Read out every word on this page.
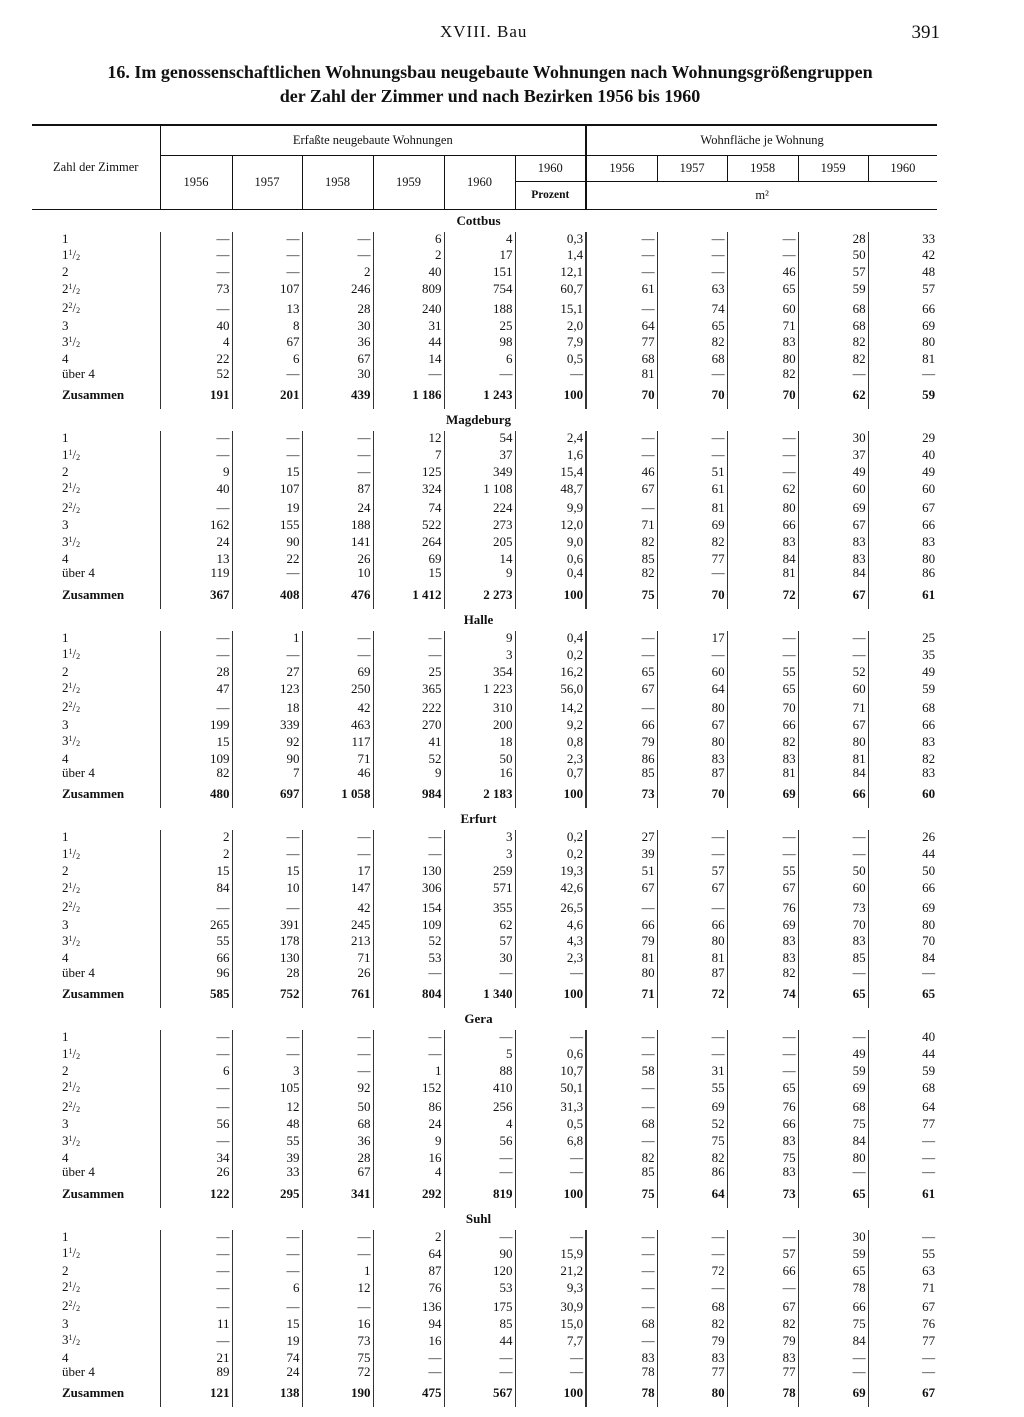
XVIII. Bau	391
16. Im genossenschaftlichen Wohnungsbau neugebaute Wohnungen nach Wohnungsgrößengruppen
der Zahl der Zimmer und nach Bezirken 1956 bis 1960
Zahl der Zimmer	Erfaßte neugebaute Wohnungen						Wohnfläche je Wohnung				
	1956	1957	1958	1959	1960	1960	1956	1957	1958	1959	1960
						Prozent	m²				
					Cottbus						
1	—	—	—	6	4	0,3	—	—	—	28	33
$1^1/_2$	—	—	—	2	17	1,4	—	—	—	50	42
2	—	—	2	40	151	12,1	—	—	46	57	48
$2^1/_2$	73	107	246	809	754	60,7	61	63	65	59	57
$2^2/_2$	—	13	28	240	188	15,1	—	74	60	68	66
3	40	8	30	31	25	2,0	64	65	71	68	69
$3^1/_2$	4	67	36	44	98	7,9	77	82	83	82	80
4	22	6	67	14	6	0,5	68	68	80	82	81
über 4	52	—	30	—	—	—	81	—	82	—	—
Zusammen	191	201	439	1 186	1 243	100	70	70	70	62	59
					Magdeburg						
1	—	—	—	12	54	2,4	—	—	—	30	29
$1^1/_2$	—	—	—	7	37	1,6	—	—	—	37	40
2	9	15	—	125	349	15,4	46	51	—	49	49
$2^1/_2$	40	107	87	324	1 108	48,7	67	61	62	60	60
$2^2/_2$	—	19	24	74	224	9,9	—	81	80	69	67
3	162	155	188	522	273	12,0	71	69	66	67	66
$3^1/_2$	24	90	141	264	205	9,0	82	82	83	83	83
4	13	22	26	69	14	0,6	85	77	84	83	80
über 4	119	—	10	15	9	0,4	82	—	81	84	86
Zusammen	367	408	476	1 412	2 273	100	75	70	72	67	61
					Halle						
1	—	1	—	—	9	0,4	—	17	—	—	25
$1^1/_2$	—	—	—	—	3	0,2	—	—	—	—	35
2	28	27	69	25	354	16,2	65	60	55	52	49
$2^1/_2$	47	123	250	365	1 223	56,0	67	64	65	60	59
$2^2/_2$	—	18	42	222	310	14,2	—	80	70	71	68
3	199	339	463	270	200	9,2	66	67	66	67	66
$3^1/_2$	15	92	117	41	18	0,8	79	80	82	80	83
4	109	90	71	52	50	2,3	86	83	83	81	82
über 4	82	7	46	9	16	0,7	85	87	81	84	83
Zusammen	480	697	1 058	984	2 183	100	73	70	69	66	60
					Erfurt						
1	2	—	—	—	3	0,2	27	—	—	—	26
$1^1/_2$	2	—	—	—	3	0,2	39	—	—	—	44
2	15	15	17	130	259	19,3	51	57	55	50	50
$2^1/_2$	84	10	147	306	571	42,6	67	67	67	60	66
$2^2/_2$	—	—	42	154	355	26,5	—	—	76	73	69
3	265	391	245	109	62	4,6	66	66	69	70	80
$3^1/_2$	55	178	213	52	57	4,3	79	80	83	83	70
4	66	130	71	53	30	2,3	81	81	83	85	84
über 4	96	28	26	—	—	—	80	87	82	—	—
Zusammen	585	752	761	804	1 340	100	71	72	74	65	65
					Gera						
1	—	—	—	—	—	—	—	—	—	—	40
$1^1/_2$	—	—	—	—	5	0,6	—	—	—	49	44
2	6	3	—	1	88	10,7	58	31	—	59	59
$2^1/_2$	—	105	92	152	410	50,1	—	55	65	69	68
$2^2/_2$	—	12	50	86	256	31,3	—	69	76	68	64
3	56	48	68	24	4	0,5	68	52	66	75	77
$3^1/_2$	—	55	36	9	56	6,8	—	75	83	84	—
4	34	39	28	16	—	—	82	82	75	80	—
über 4	26	33	67	4	—	—	85	86	83	—	—
Zusammen	122	295	341	292	819	100	75	64	73	65	61
					Suhl						
1	—	—	—	2	—	—	—	—	—	30	—
$1^1/_2$	—	—	—	64	90	15,9	—	—	57	59	55
2	—	—	1	87	120	21,2	—	72	66	65	63
$2^1/_2$	—	6	12	76	53	9,3	—	—	—	78	71
$2^2/_2$	—	—	—	136	175	30,9	—	68	67	66	67
3	11	15	16	94	85	15,0	68	82	82	75	76
$3^1/_2$	—	19	73	16	44	7,7	—	79	79	84	77
4	21	74	75	—	—	—	83	83	83	—	—
über 4	89	24	72	—	—	—	78	77	77	—	—
Zusammen	121	138	190	475	567	100	78	80	78	69	67
